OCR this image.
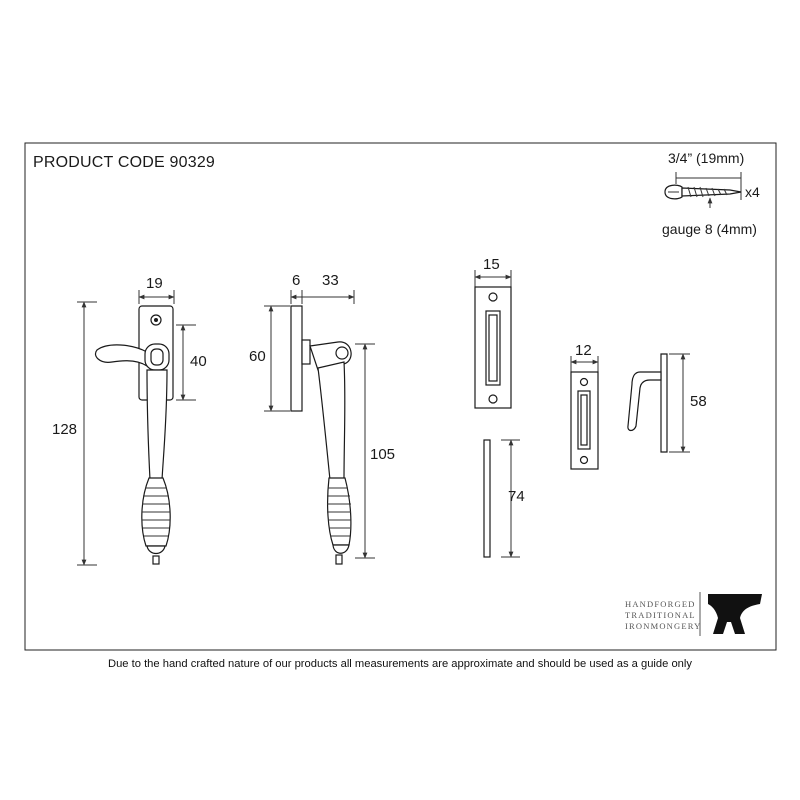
PRODUCT CODE 90329	3/4” (19mm)
x4
gauge 8 (4mm)
19
40
128
6 33
60
105
15
74
12
58
HANDFORGED
TRADITIONAL
IRONMONGERY
Due to the hand crafted nature of our products all measurements are approximate and should be used as a guide only
